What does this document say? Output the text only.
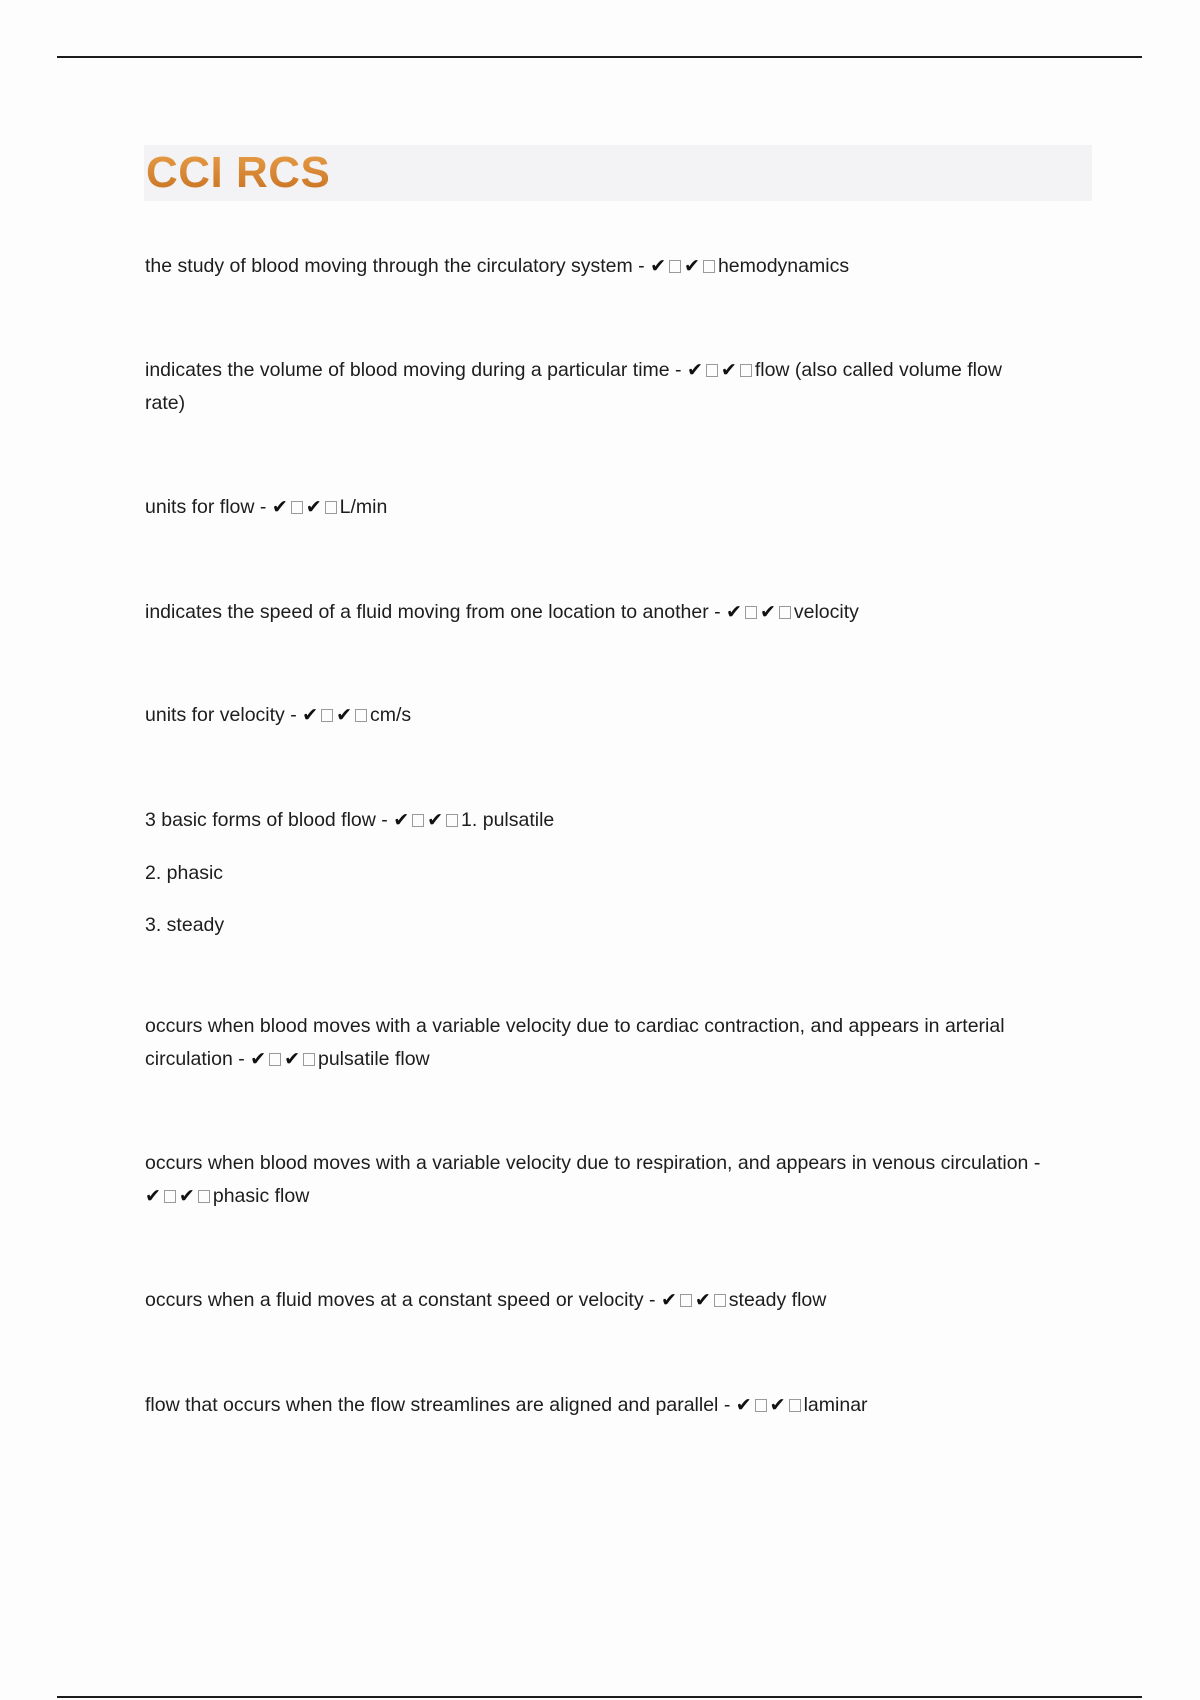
CCI RCS
the study of blood moving through the circulatory system - ✔ ✔ hemodynamics
indicates the volume of blood moving during a particular time - ✔ ✔ flow (also called volume flow
rate)
units for flow - ✔ ✔ L/min
indicates the speed of a fluid moving from one location to another - ✔ ✔ velocity
units for velocity - ✔ ✔ cm/s
3 basic forms of blood flow - ✔ ✔ 1. pulsatile
2. phasic
3. steady
occurs when blood moves with a variable velocity due to cardiac contraction, and appears in arterial
circulation - ✔ ✔ pulsatile flow
occurs when blood moves with a variable velocity due to respiration, and appears in venous circulation -
✔ ✔ phasic flow
occurs when a fluid moves at a constant speed or velocity - ✔ ✔ steady flow
flow that occurs when the flow streamlines are aligned and parallel - ✔ ✔ laminar
